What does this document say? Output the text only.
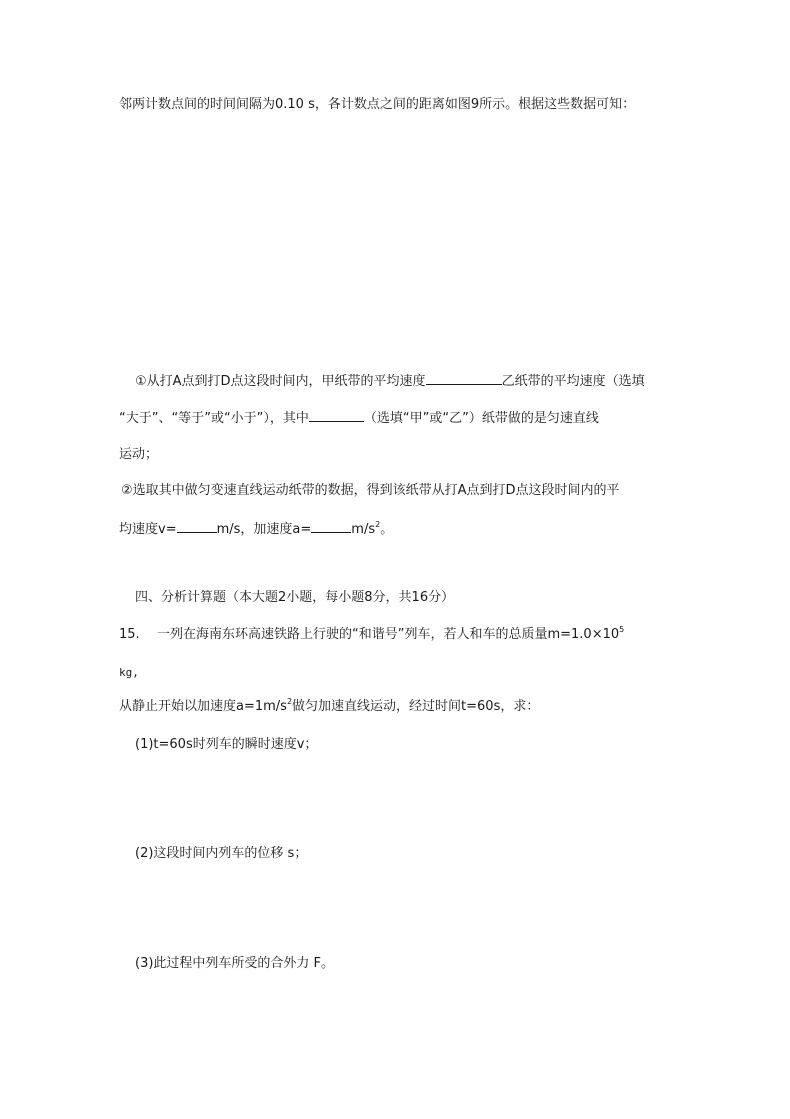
邻两计数点间的时间间隔为0.10 s，各计数点之间的距离如图9所示。根据这些数据可知：
①从打A点到打D点这段时间内，甲纸带的平均速度	乙纸带的平均速度（选填
“大于”、“等于”或“小于”），其中	（选填“甲”或“乙”）纸带做的是匀速直线
运动；
②选取其中做匀变速直线运动纸带的数据，得到该纸带从打A点到打D点这段时间内的平
均速度v=	m/s，加速度a=	$m/s^2$。
四、分析计算题（本大题2小题，每小题8分，共16分）
15. 一列在海南东环高速铁路上行驶的“和谐号”列车，若人和车的总质量$m=1.0\times 10^5$
kg,
从静止开始以加速度$a=1m/s^2$做匀加速直线运动，经过时间t=60s，求：
(1)t=60s时列车的瞬时速度v；
(2)这段时间内列车的位移 s；
(3)此过程中列车所受的合外力 F。
